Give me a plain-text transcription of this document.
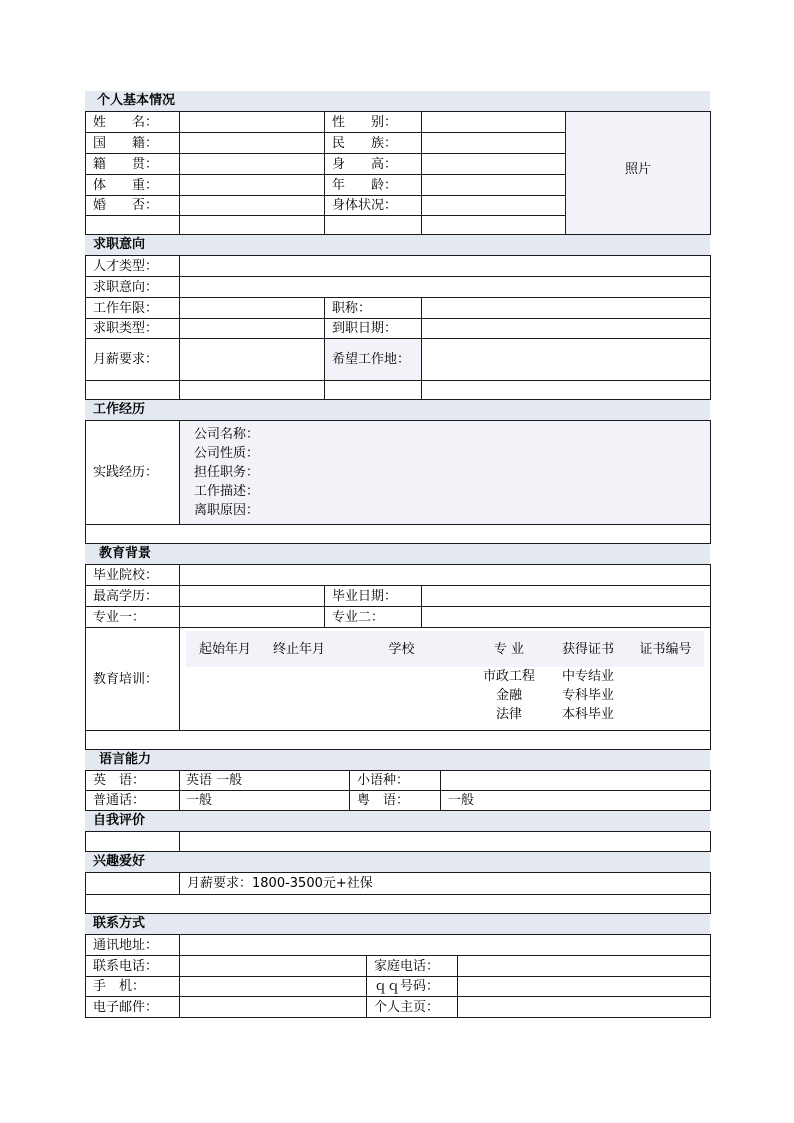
个人基本情况
姓　　名：		性　　别：		照片
国　　籍：		民　　族：		
籍　　贯：		身　　高：		
体　　重：		年　　龄：		
婚　　否：		身体状况：		

求职意向
人才类型：			
求职意向：			
工作年限：		职称：	
求职类型：		到职日期：	
月薪要求：		希望工作地：	

工作经历
实践经历：	
公司名称：
公司性质：
担任职务：
工作描述：
离职原因：

教育背景
毕业院校：	
最高学历：		毕业日期：	
专业一：		专业二：	
教育培训：	
起始年月	终止年月	学校	专 业	获得证书	证书编号
			市政工程	中专结业	
			金融	专科毕业	
			法律	本科毕业	

语言能力
英　语：	英语 一般	小语种：	
普通话：	一般	粤　语：	一般
自我评价

兴趣爱好
	月薪要求：1800-3500元+社保

联系方式
通讯地址：			
联系电话：		家庭电话：	
手　机：		ｑｑ号码：	
电子邮件：		个人主页：	
